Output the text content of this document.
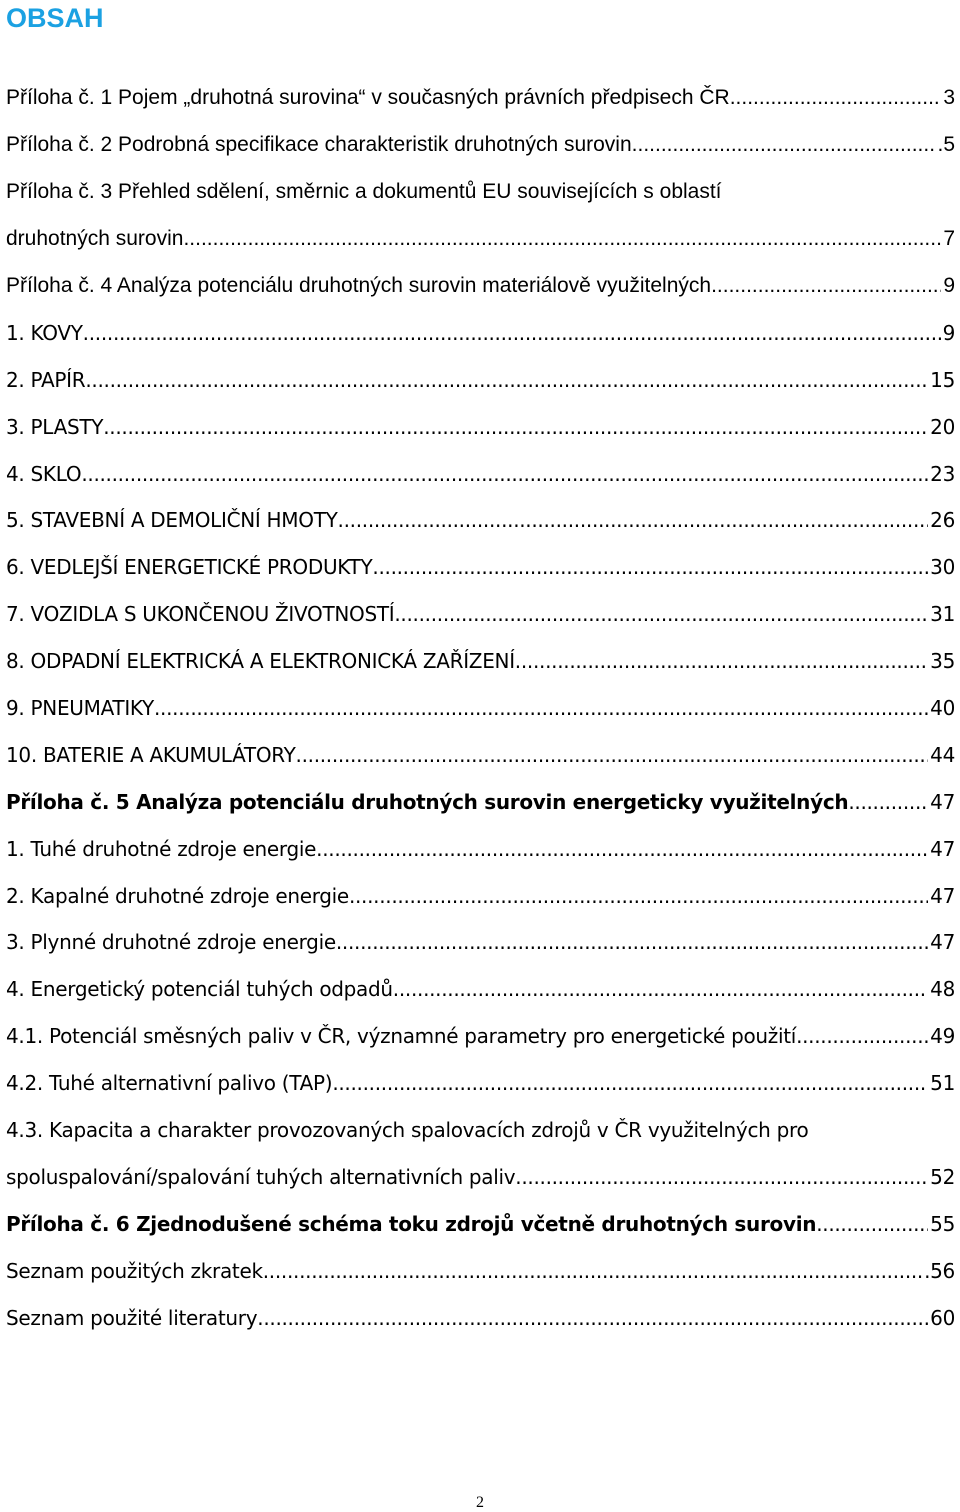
OBSAH
Příloha č. 1 Pojem „druhotná surovina“ v současných právních předpisech ČR .....	3
Příloha č. 2 Podrobná specifikace charakteristik druhotných surovin .....	.5
Příloha č. 3 Přehled sdělení, směrnic a dokumentů EU souvisejících s oblastí
druhotných surovin .....	7
Příloha č. 4 Analýza potenciálu druhotných surovin materiálově využitelných .....	9
1. KOVY .....	9
2. PAPÍR .....	15
3. PLASTY .....	20
4. SKLO .....	23
5. STAVEBNÍ A DEMOLIČNÍ HMOTY .....	26
6. VEDLEJŠÍ ENERGETICKÉ PRODUKTY .....	30
7. VOZIDLA S UKONČENOU ŽIVOTNOSTÍ .....	31
8. ODPADNÍ ELEKTRICKÁ A ELEKTRONICKÁ ZAŘÍZENÍ .....	35
9. PNEUMATIKY .....	40
10. BATERIE A AKUMULÁTORY .....	44
Příloha č. 5 Analýza potenciálu druhotných surovin energeticky využitelných .....	47
1. Tuhé druhotné zdroje energie .....	47
2. Kapalné druhotné zdroje energie .....	47
3. Plynné druhotné zdroje energie .....	47
4. Energetický potenciál tuhých odpadů .....	48
4.1. Potenciál směsných paliv v ČR, významné parametry pro energetické použití .....	49
4.2. Tuhé alternativní palivo (TAP) .....	51
4.3. Kapacita a charakter provozovaných spalovacích zdrojů v ČR využitelných pro
spoluspalování/spalování tuhých alternativních paliv .....	52
Příloha č. 6 Zjednodušené schéma toku zdrojů včetně druhotných surovin .....	55
Seznam použitých zkratek .....	.56
Seznam použité literatury .....	60
2
